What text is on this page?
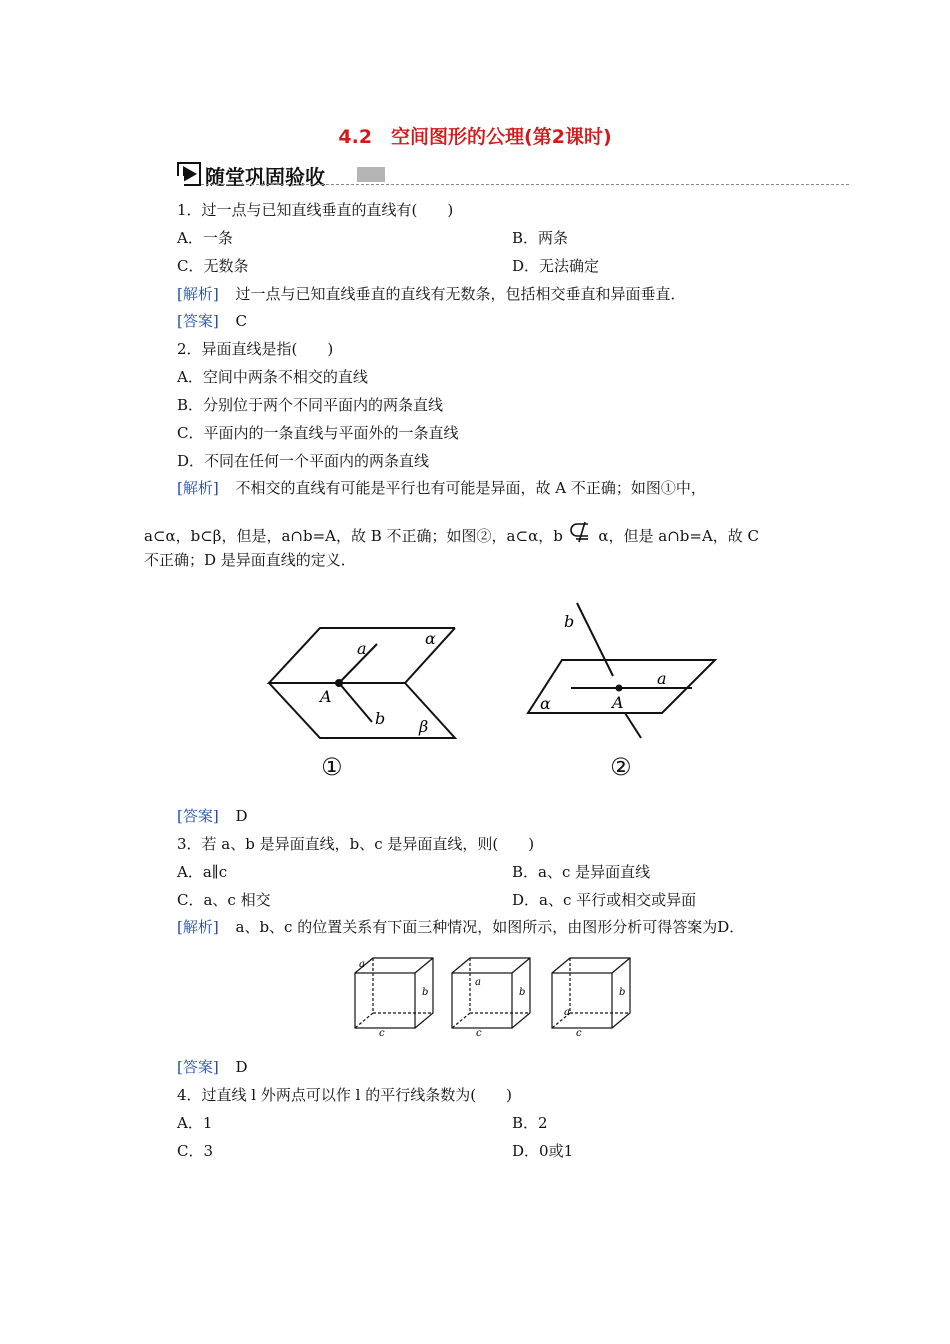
4.2　空间图形的公理(第2课时)
随堂巩固验收
1．过一点与已知直线垂直的直线有(　　)
A．一条	B．两条
C．无数条	D．无法确定
[解析] 过一点与已知直线垂直的直线有无数条，包括相交垂直和异面垂直．
[答案] C
2．异面直线是指(　　)
A．空间中两条不相交的直线
B．分别位于两个不同平面内的两条直线
C．平面内的一条直线与平面外的一条直线
D．不同在任何一个平面内的两条直线
[解析] 不相交的直线有可能是平行也有可能是异面，故 A 不正确；如图①中，
a⊂α，b⊂β，但是，a∩b=A，故 B 不正确；如图②，a⊂α，b α，但是 a∩b=A，故 C
不正确；D 是异面直线的定义．
a
b
A
α
β
①
b
a
A
α
②
[答案] D
3．若 a、b 是异面直线，b、c 是异面直线，则(　　)
A．a∥c	B．a、c 是异面直线
C．a、c 相交	D．a、c 平行或相交或异面
[解析] a、b、c 的位置关系有下面三种情况，如图所示，由图形分析可得答案为D．
a
b
c
a
b
c
a
b
c
[答案] D
4．过直线 l 外两点可以作 l 的平行线条数为(　　)
A．1	B．2
C．3	D．0或1
